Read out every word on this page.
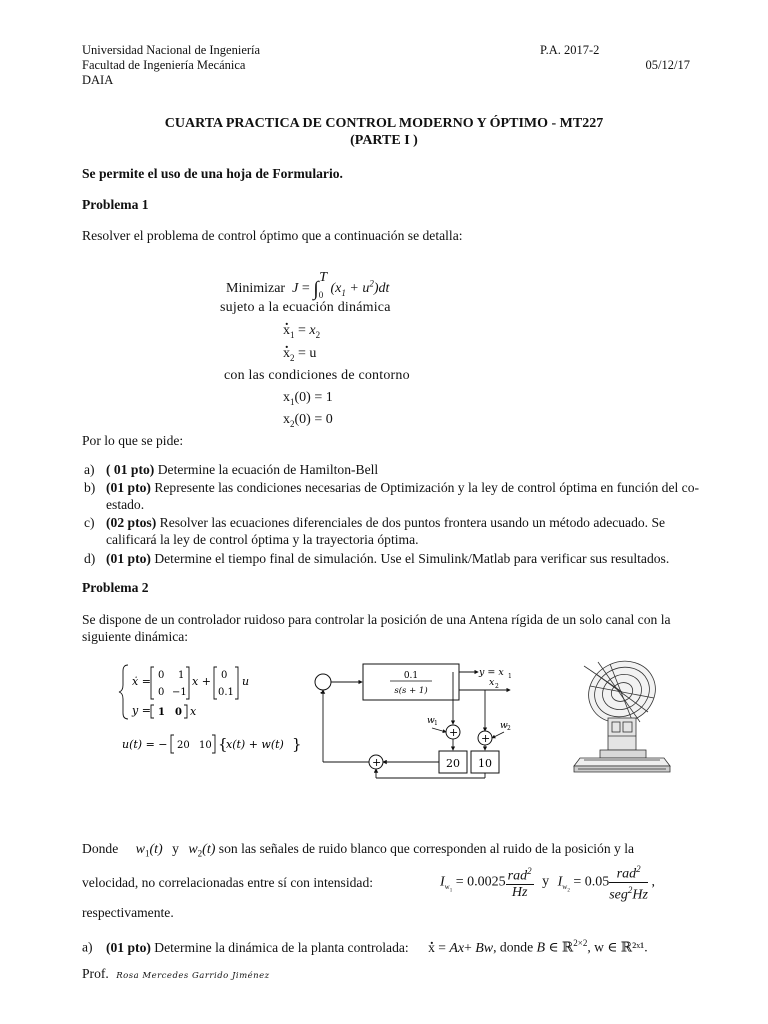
Universidad Nacional de Ingeniería
Facultad de Ingeniería Mecánica
DAIA
P.A. 2017-2
05/12/17
CUARTA PRACTICA DE CONTROL MODERNO Y ÓPTIMO - MT227
(PARTE I )
Se permite el uso de una hoja de Formulario.
Problema 1
Resolver el problema de control óptimo que a continuación se detalla:
Minimizar  $J = \int_0^T$ $(x_1 + u^2)dt$
sujeto a la ecuación dinámica
. $x_1 = x_2$
. $x_2 = u$
con las condiciones de contorno
$x_1(0) = 1$
$x_2(0) = 0$
Por lo que se pide:
a) ( 01 pto) Determine la ecuación de Hamilton-Bell
b) (01 pto) Represente las condiciones necesarias de Optimización y la ley de control óptima en función del co-estado.
c) (02 ptos) Resolver las ecuaciones diferenciales de dos puntos frontera usando un método adecuado. Se calificará la ley de control óptima y la trayectoria óptima.
d) (01 pto) Determine el tiempo final de simulación. Use el Simulink/Matlab para verificar sus resultados.
Problema 2
Se dispone de un controlador ruidoso para controlar la posición de una Antena rígida de un solo canal con la siguiente dinámica:
ẋ = 0 1
0 −1
x + 0
0.1
u
y = 1 0 x
u(t) = − 20 10 {
x(t) + w(t) }
-
0.1
s(s + 1)
y = x 1
x 2
w 1	w 2
+ +
20 10
+
Donde $w_1(t)$ y $w_2(t)$ son las señales de ruido blanco que corresponden al ruido de la posición y la
velocidad, no correlacionadas entre sí con intensidad:	$I_{w_1} = 0.0025 \frac{rad^2}{Hz}$ y $I_{w_2} = 0.05 \frac{rad^2}{seg^2Hz}$ ,
respectivamente.
a) (01 pto) Determine la dinámica de la planta controlada: . x = Ax+ Bw, donde B ∈ ℝ$^{2\times 2}$, w ∈ ℝ²ˣ¹.
Prof. Rosa Mercedes Garrido Jiménez
